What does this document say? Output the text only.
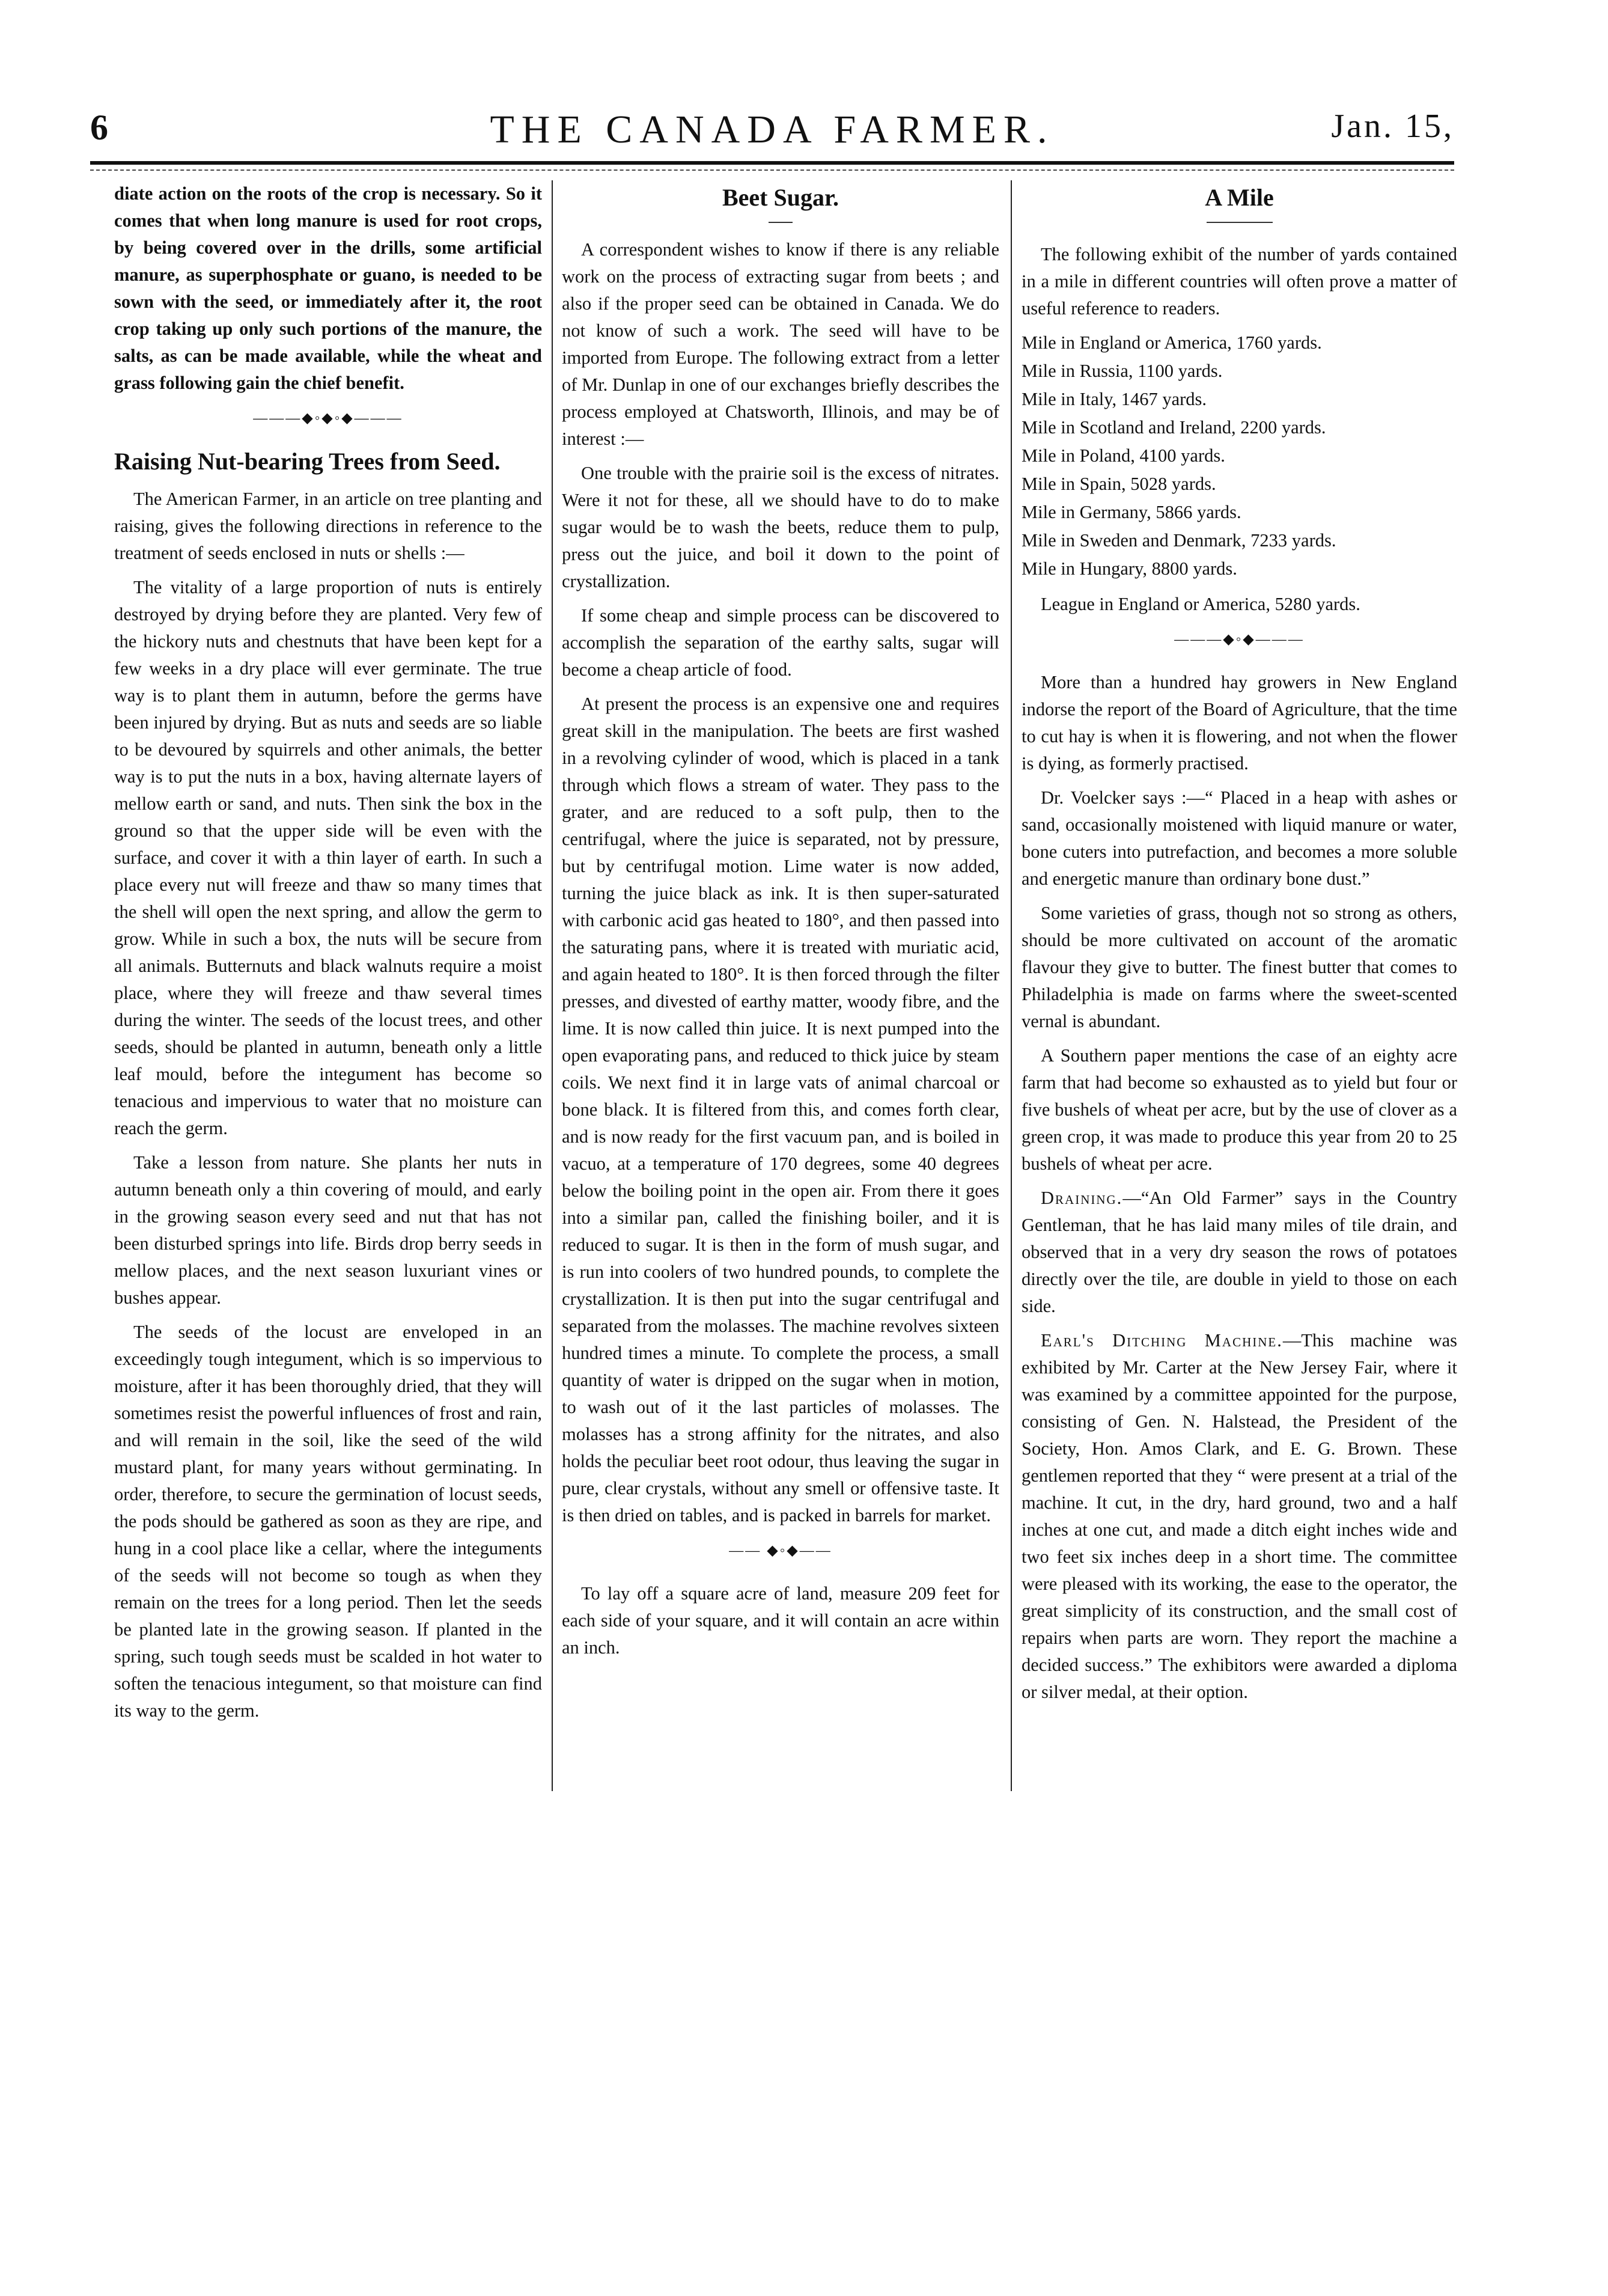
6	THE CANADA FARMER.	Jan. 15,

diate action on the roots of the crop is necessary. So it comes that when long manure is used for root crops, by being covered over in the drills, some artificial manure, as superphosphate or guano, is needed to be sown with the seed, or immediately after it, the root crop taking up only such portions of the manure, the salts, as can be made available, while the wheat and grass following gain the chief benefit.

———◆◦◆◦◆———
Raising Nut-bearing Trees from Seed.

The American Farmer, in an article on tree planting and raising, gives the following directions in reference to the treatment of seeds enclosed in nuts or shells :—

The vitality of a large proportion of nuts is entirely destroyed by drying before they are planted. Very few of the hickory nuts and chestnuts that have been kept for a few weeks in a dry place will ever germinate. The true way is to plant them in autumn, before the germs have been injured by drying. But as nuts and seeds are so liable to be devoured by squirrels and other animals, the better way is to put the nuts in a box, having alternate layers of mellow earth or sand, and nuts. Then sink the box in the ground so that the upper side will be even with the surface, and cover it with a thin layer of earth. In such a place every nut will freeze and thaw so many times that the shell will open the next spring, and allow the germ to grow. While in such a box, the nuts will be secure from all animals. Butternuts and black walnuts require a moist place, where they will freeze and thaw several times during the winter. The seeds of the locust trees, and other seeds, should be planted in autumn, beneath only a little leaf mould, before the integument has become so tenacious and impervious to water that no moisture can reach the germ.

Take a lesson from nature. She plants her nuts in autumn beneath only a thin covering of mould, and early in the growing season every seed and nut that has not been disturbed springs into life. Birds drop berry seeds in mellow places, and the next season luxuriant vines or bushes appear.

The seeds of the locust are enveloped in an exceedingly tough integument, which is so impervious to moisture, after it has been thoroughly dried, that they will sometimes resist the powerful influences of frost and rain, and will remain in the soil, like the seed of the wild mustard plant, for many years without germinating. In order, therefore, to secure the germination of locust seeds, the pods should be gathered as soon as they are ripe, and hung in a cool place like a cellar, where the integuments of the seeds will not become so tough as when they remain on the trees for a long period. Then let the seeds be planted late in the growing season. If planted in the spring, such tough seeds must be scalded in hot water to soften the tenacious integument, so that moisture can find its way to the germ.

Beet Sugar.

A correspondent wishes to know if there is any reliable work on the process of extracting sugar from beets ; and also if the proper seed can be obtained in Canada. We do not know of such a work. The seed will have to be imported from Europe. The following extract from a letter of Mr. Dunlap in one of our exchanges briefly describes the process employed at Chatsworth, Illinois, and may be of interest :—

One trouble with the prairie soil is the excess of nitrates. Were it not for these, all we should have to do to make sugar would be to wash the beets, reduce them to pulp, press out the juice, and boil it down to the point of crystallization.

If some cheap and simple process can be discovered to accomplish the separation of the earthy salts, sugar will become a cheap article of food.

At present the process is an expensive one and requires great skill in the manipulation. The beets are first washed in a revolving cylinder of wood, which is placed in a tank through which flows a stream of water. They pass to the grater, and are reduced to a soft pulp, then to the centrifugal, where the juice is separated, not by pressure, but by centrifugal motion. Lime water is now added, turning the juice black as ink. It is then super-saturated with carbonic acid gas heated to 180°, and then passed into the saturating pans, where it is treated with muriatic acid, and again heated to 180°. It is then forced through the filter presses, and divested of earthy matter, woody fibre, and the lime. It is now called thin juice. It is next pumped into the open evaporating pans, and reduced to thick juice by steam coils. We next find it in large vats of animal charcoal or bone black. It is filtered from this, and comes forth clear, and is now ready for the first vacuum pan, and is boiled in vacuo, at a temperature of 170 degrees, some 40 degrees below the boiling point in the open air. From there it goes into a similar pan, called the finishing boiler, and it is reduced to sugar. It is then in the form of mush sugar, and is run into coolers of two hundred pounds, to complete the crystallization. It is then put into the sugar centrifugal and separated from the molasses. The machine revolves sixteen hundred times a minute. To complete the process, a small quantity of water is dripped on the sugar when in motion, to wash out of it the last particles of molasses. The molasses has a strong affinity for the nitrates, and also holds the peculiar beet root odour, thus leaving the sugar in pure, clear crystals, without any smell or offensive taste. It is then dried on tables, and is packed in barrels for market.

—— ◆◦◆——

To lay off a square acre of land, measure 209 feet for each side of your square, and it will contain an acre within an inch.

A Mile

The following exhibit of the number of yards contained in a mile in different countries will often prove a matter of useful reference to readers.

Mile in England or America, 1760 yards.

Mile in Russia, 1100 yards.

Mile in Italy, 1467 yards.

Mile in Scotland and Ireland, 2200 yards.

Mile in Poland, 4100 yards.

Mile in Spain, 5028 yards.

Mile in Germany, 5866 yards.

Mile in Sweden and Denmark, 7233 yards.

Mile in Hungary, 8800 yards.

League in England or America, 5280 yards.

———◆◦◆———

More than a hundred hay growers in New England indorse the report of the Board of Agriculture, that the time to cut hay is when it is flowering, and not when the flower is dying, as formerly practised.

Dr. Voelcker says :—“ Placed in a heap with ashes or sand, occasionally moistened with liquid manure or water, bone cuters into putrefaction, and becomes a more soluble and energetic manure than ordinary bone dust.”

Some varieties of grass, though not so strong as others, should be more cultivated on account of the aromatic flavour they give to butter. The finest butter that comes to Philadelphia is made on farms where the sweet-scented vernal is abundant.

A Southern paper mentions the case of an eighty acre farm that had become so exhausted as to yield but four or five bushels of wheat per acre, but by the use of clover as a green crop, it was made to produce this year from 20 to 25 bushels of wheat per acre.

Draining.—“An Old Farmer” says in the Country Gentleman, that he has laid many miles of tile drain, and observed that in a very dry season the rows of potatoes directly over the tile, are double in yield to those on each side.

Earl's Ditching Machine.—This machine was exhibited by Mr. Carter at the New Jersey Fair, where it was examined by a committee appointed for the purpose, consisting of Gen. N. Halstead, the President of the Society, Hon. Amos Clark, and E. G. Brown. These gentlemen reported that they “ were present at a trial of the machine. It cut, in the dry, hard ground, two and a half inches at one cut, and made a ditch eight inches wide and two feet six inches deep in a short time. The committee were pleased with its working, the ease to the operator, the great simplicity of its construction, and the small cost of repairs when parts are worn. They report the machine a decided success.” The exhibitors were awarded a diploma or silver medal, at their option.
